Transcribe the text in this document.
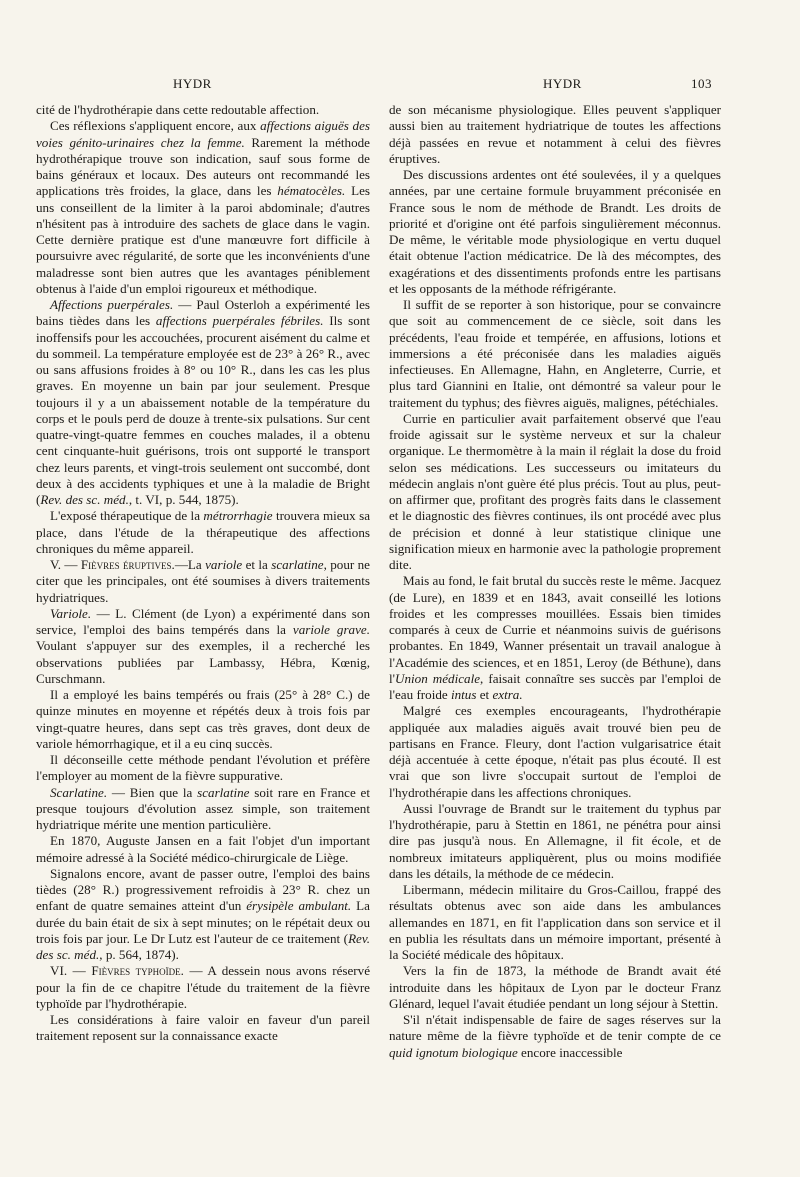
HYDR	HYDR	103

cité de l'hydrothérapie dans cette redoutable affection.

Ces réflexions s'appliquent encore, aux affections aiguës des voies génito-urinaires chez la femme. Rarement la méthode hydrothérapique trouve son indication, sauf sous forme de bains généraux et locaux. Des auteurs ont recommandé les applications très froides, la glace, dans les hématocèles. Les uns conseillent de la limiter à la paroi abdominale; d'autres n'hésitent pas à introduire des sachets de glace dans le vagin. Cette dernière pratique est d'une manœuvre fort difficile à poursuivre avec régularité, de sorte que les inconvénients d'une maladresse sont bien autres que les avantages péniblement obtenus à l'aide d'un emploi rigoureux et méthodique.

Affections puerpérales. — Paul Osterloh a expérimenté les bains tièdes dans les affections puerpérales fébriles. Ils sont inoffensifs pour les accouchées, procurent aisément du calme et du sommeil. La température employée est de 23° à 26° R., avec ou sans affusions froides à 8° ou 10° R., dans les cas les plus graves. En moyenne un bain par jour seulement. Presque toujours il y a un abaissement notable de la température du corps et le pouls perd de douze à trente-six pulsations. Sur cent quatre-vingt-quatre femmes en couches malades, il a obtenu cent cinquante-huit guérisons, trois ont supporté le transport chez leurs parents, et vingt-trois seulement ont succombé, dont deux à des accidents typhiques et une à la maladie de Bright (Rev. des sc. méd., t. VI, p. 544, 1875).

L'exposé thérapeutique de la métrorrhagie trouvera mieux sa place, dans l'étude de la thérapeutique des affections chroniques du même appareil.

V. — Fièvres éruptives.—La variole et la scarlatine, pour ne citer que les principales, ont été soumises à divers traitements hydriatriques.

Variole. — L. Clément (de Lyon) a expérimenté dans son service, l'emploi des bains tempérés dans la variole grave. Voulant s'appuyer sur des exemples, il a recherché les observations publiées par Lambassy, Hébra, Kœnig, Curschmann.

Il a employé les bains tempérés ou frais (25° à 28° C.) de quinze minutes en moyenne et répétés deux à trois fois par vingt-quatre heures, dans sept cas très graves, dont deux de variole hémorrhagique, et il a eu cinq succès.

Il déconseille cette méthode pendant l'évolution et préfère l'employer au moment de la fièvre suppurative.

Scarlatine. — Bien que la scarlatine soit rare en France et presque toujours d'évolution assez simple, son traitement hydriatrique mérite une mention particulière.

En 1870, Auguste Jansen en a fait l'objet d'un important mémoire adressé à la Société médico-chirurgicale de Liège.

Signalons encore, avant de passer outre, l'emploi des bains tièdes (28° R.) progressivement refroidis à 23° R. chez un enfant de quatre semaines atteint d'un érysipèle ambulant. La durée du bain était de six à sept minutes; on le répétait deux ou trois fois par jour. Le Dr Lutz est l'auteur de ce traitement (Rev. des sc. méd., p. 564, 1874).

VI. — Fièvres typhoïde. — A dessein nous avons réservé pour la fin de ce chapitre l'étude du traitement de la fièvre typhoïde par l'hydrothérapie.

Les considérations à faire valoir en faveur d'un pareil traitement reposent sur la connaissance exacte

de son mécanisme physiologique. Elles peuvent s'appliquer aussi bien au traitement hydriatrique de toutes les affections déjà passées en revue et notamment à celui des fièvres éruptives.

Des discussions ardentes ont été soulevées, il y a quelques années, par une certaine formule bruyamment préconisée en France sous le nom de méthode de Brandt. Les droits de priorité et d'origine ont été parfois singulièrement méconnus. De même, le véritable mode physiologique en vertu duquel était obtenue l'action médicatrice. De là des mécomptes, des exagérations et des dissentiments profonds entre les partisans et les opposants de la méthode réfrigérante.

Il suffit de se reporter à son historique, pour se convaincre que soit au commencement de ce siècle, soit dans les précédents, l'eau froide et tempérée, en affusions, lotions et immersions a été préconisée dans les maladies aiguës infectieuses. En Allemagne, Hahn, en Angleterre, Currie, et plus tard Giannini en Italie, ont démontré sa valeur pour le traitement du typhus; des fièvres aiguës, malignes, pétéchiales.

Currie en particulier avait parfaitement observé que l'eau froide agissait sur le système nerveux et sur la chaleur organique. Le thermomètre à la main il réglait la dose du froid selon ses médications. Les successeurs ou imitateurs du médecin anglais n'ont guère été plus précis. Tout au plus, peut-on affirmer que, profitant des progrès faits dans le classement et le diagnostic des fièvres continues, ils ont procédé avec plus de précision et donné à leur statistique clinique une signification mieux en harmonie avec la pathologie proprement dite.

Mais au fond, le fait brutal du succès reste le même. Jacquez (de Lure), en 1839 et en 1843, avait conseillé les lotions froides et les compresses mouillées. Essais bien timides comparés à ceux de Currie et néanmoins suivis de guérisons probantes. En 1849, Wanner présentait un travail analogue à l'Académie des sciences, et en 1851, Leroy (de Béthune), dans l'Union médicale, faisait connaître ses succès par l'emploi de l'eau froide intus et extra.

Malgré ces exemples encourageants, l'hydrothérapie appliquée aux maladies aiguës avait trouvé bien peu de partisans en France. Fleury, dont l'action vulgarisatrice était déjà accentuée à cette époque, n'était pas plus écouté. Il est vrai que son livre s'occupait surtout de l'emploi de l'hydrothérapie dans les affections chroniques.

Aussi l'ouvrage de Brandt sur le traitement du typhus par l'hydrothérapie, paru à Stettin en 1861, ne pénétra pour ainsi dire pas jusqu'à nous. En Allemagne, il fit école, et de nombreux imitateurs appliquèrent, plus ou moins modifiée dans les détails, la méthode de ce médecin.

Libermann, médecin militaire du Gros-Caillou, frappé des résultats obtenus avec son aide dans les ambulances allemandes en 1871, en fit l'application dans son service et il en publia les résultats dans un mémoire important, présenté à la Société médicale des hôpitaux.

Vers la fin de 1873, la méthode de Brandt avait été introduite dans les hôpitaux de Lyon par le docteur Franz Glénard, lequel l'avait étudiée pendant un long séjour à Stettin.

S'il n'était indispensable de faire de sages réserves sur la nature même de la fièvre typhoïde et de tenir compte de ce quid ignotum biologique encore inaccessible
